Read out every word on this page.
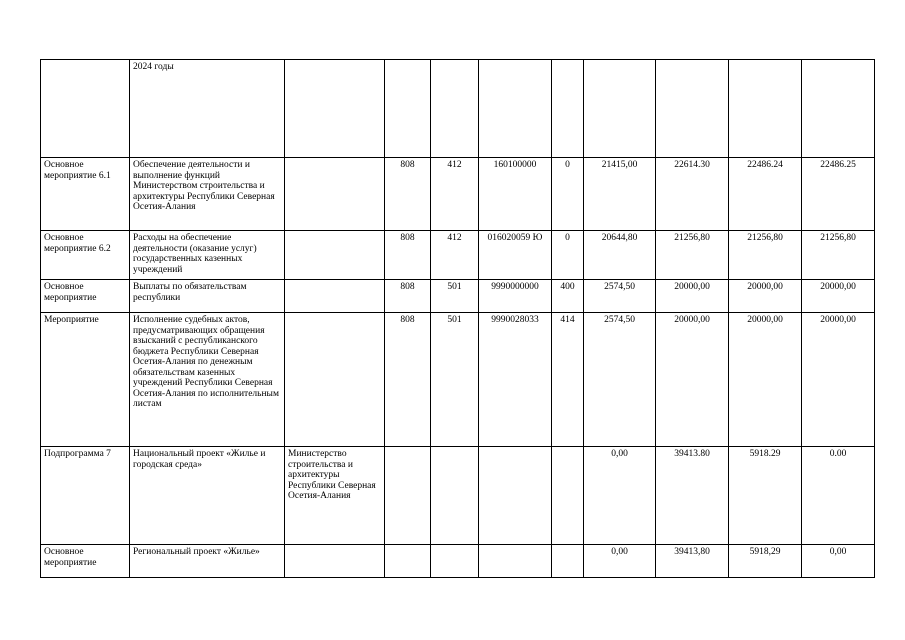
	2024 годы									
Основное мероприятие 6.1	Обеспечение деятельности и выполнение функций Министерством строительства и архитектуры Республики Северная Осетия-Алания		808	412	160100000	0	21415,00	22614.30	22486.24	22486.25
Основное мероприятие 6.2	Расходы на обеспечение деятельности (оказание услуг) государственных казенных учреждений		808	412	016020059 Ю	0	20644,80	21256,80	21256,80	21256,80
Основное мероприятие	Выплаты по обязательствам республики		808	501	9990000000	400	2574,50	20000,00	20000,00	20000,00
Мероприятие	Исполнение судебных актов, предусматривающих обращения взысканий с республиканского бюджета Республики Северная Осетия-Алания по денежным обязательствам казенных учреждений Республики Северная Осетия-Алания по исполнительным листам		808	501	9990028033	414	2574,50	20000,00	20000,00	20000,00
Подпрограмма 7	Национальный проект «Жилье и городская среда»	Министерство строительства и архитектуры Республики Северная Осетия-Алания					0,00	39413.80	5918.29	0.00
Основное мероприятие	Региональный проект «Жилье»						0,00	39413,80	5918,29	0,00
